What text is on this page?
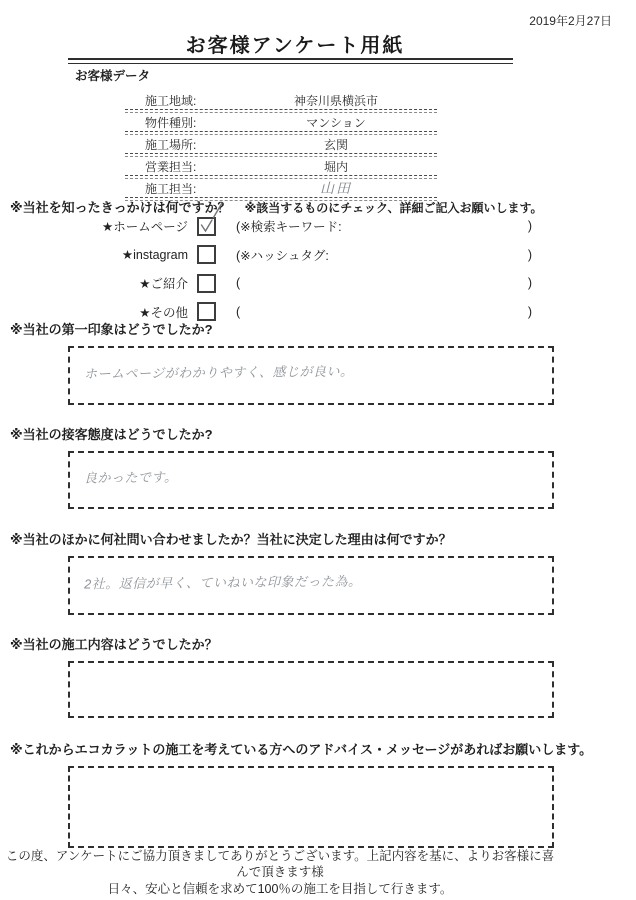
2019年2月27日
お客様アンケート用紙
お客様データ
施工地域:	神奈川県横浜市
物件種別:	マンション
施工場所:	玄関
営業担当:	堀内
施工担当:	山田
※当社を知ったきっかけは何ですか？ ※該当するものにチェック、詳細ご記入お願いします。
★ホームページ	(※検索キーワード:	)
★instagram	(※ハッシュタグ:	)
★ご紹介	(	)
★その他	(	)
※当社の第一印象はどうでしたか?
ホームページがわかりやすく、感じが良い。
※当社の接客態度はどうでしたか?
良かったです。
※当社のほかに何社問い合わせましたか？当社に決定した理由は何ですか？
2社。返信が早く、ていねいな印象だった為。
※当社の施工内容はどうでしたか？
※これからエコカラットの施工を考えている方へのアドバイス・メッセージがあればお願いします。
この度、アンケートにご協力頂きましてありがとうございます。上記内容を基に、よりお客様に喜んで頂きます様
日々、安心と信頼を求めて100％の施工を目指して行きます。
